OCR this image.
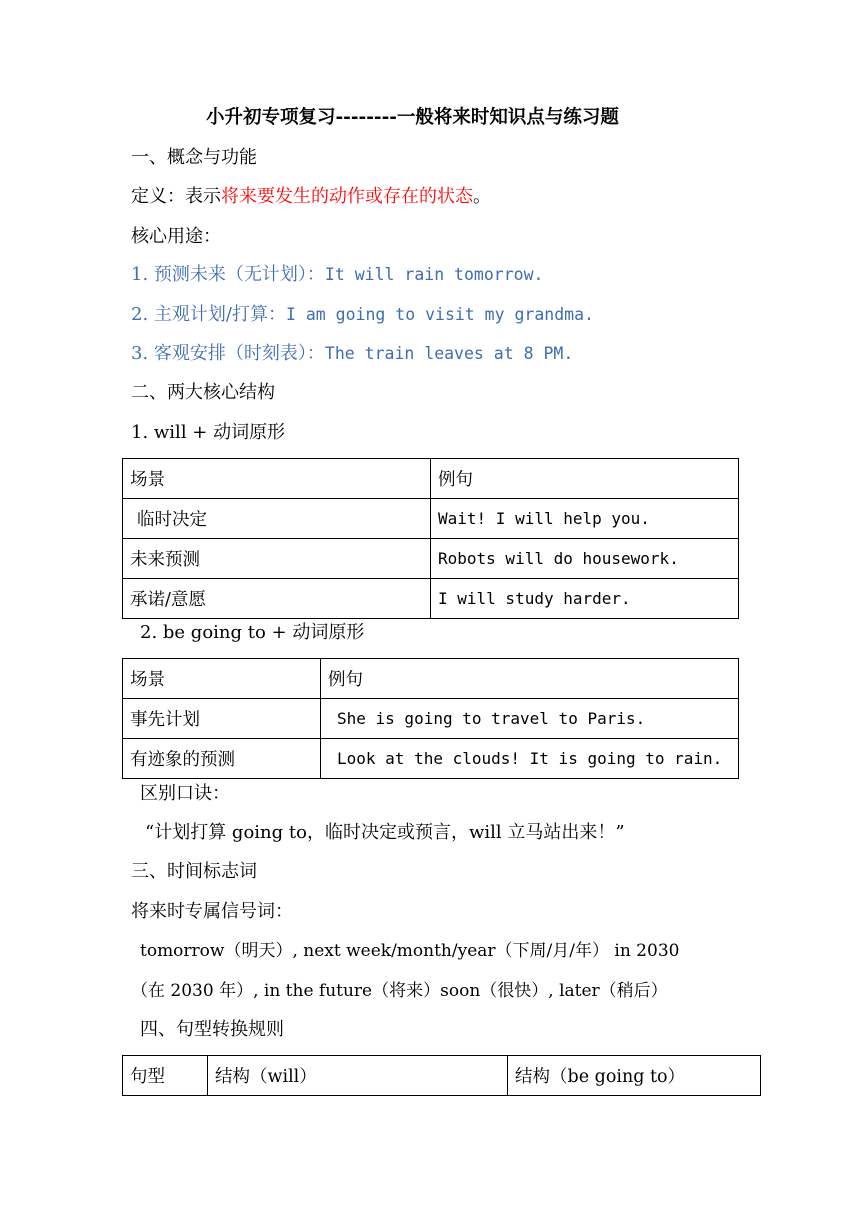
小升初专项复习--------一般将来时知识点与练习题
一、概念与功能
定义：表示将来要发生的动作或存在的状态。
核心用途：
1. 预测未来（无计划）：It will rain tomorrow.
2. 主观计划/打算：I am going to visit my grandma.
3. 客观安排（时刻表）：The train leaves at 8 PM.
二、两大核心结构
1. will + 动词原形
场景	例句
临时决定	Wait! I will help you.
未来预测	Robots will do housework.
承诺/意愿	I will study harder.
2. be going to + 动词原形
场景	例句
事先计划	She is going to travel to Paris.
有迹象的预测	Look at the clouds! It is going to rain.
区别口诀：
“计划打算 going to，临时决定或预言，will 立马站出来！”
三、时间标志词
将来时专属信号词：
tomorrow（明天）, next week/month/year（下周/月/年） in 2030
（在 2030 年）, in the future（将来）soon（很快）, later（稍后）
四、句型转换规则
句型	结构（will）	结构（be going to）
